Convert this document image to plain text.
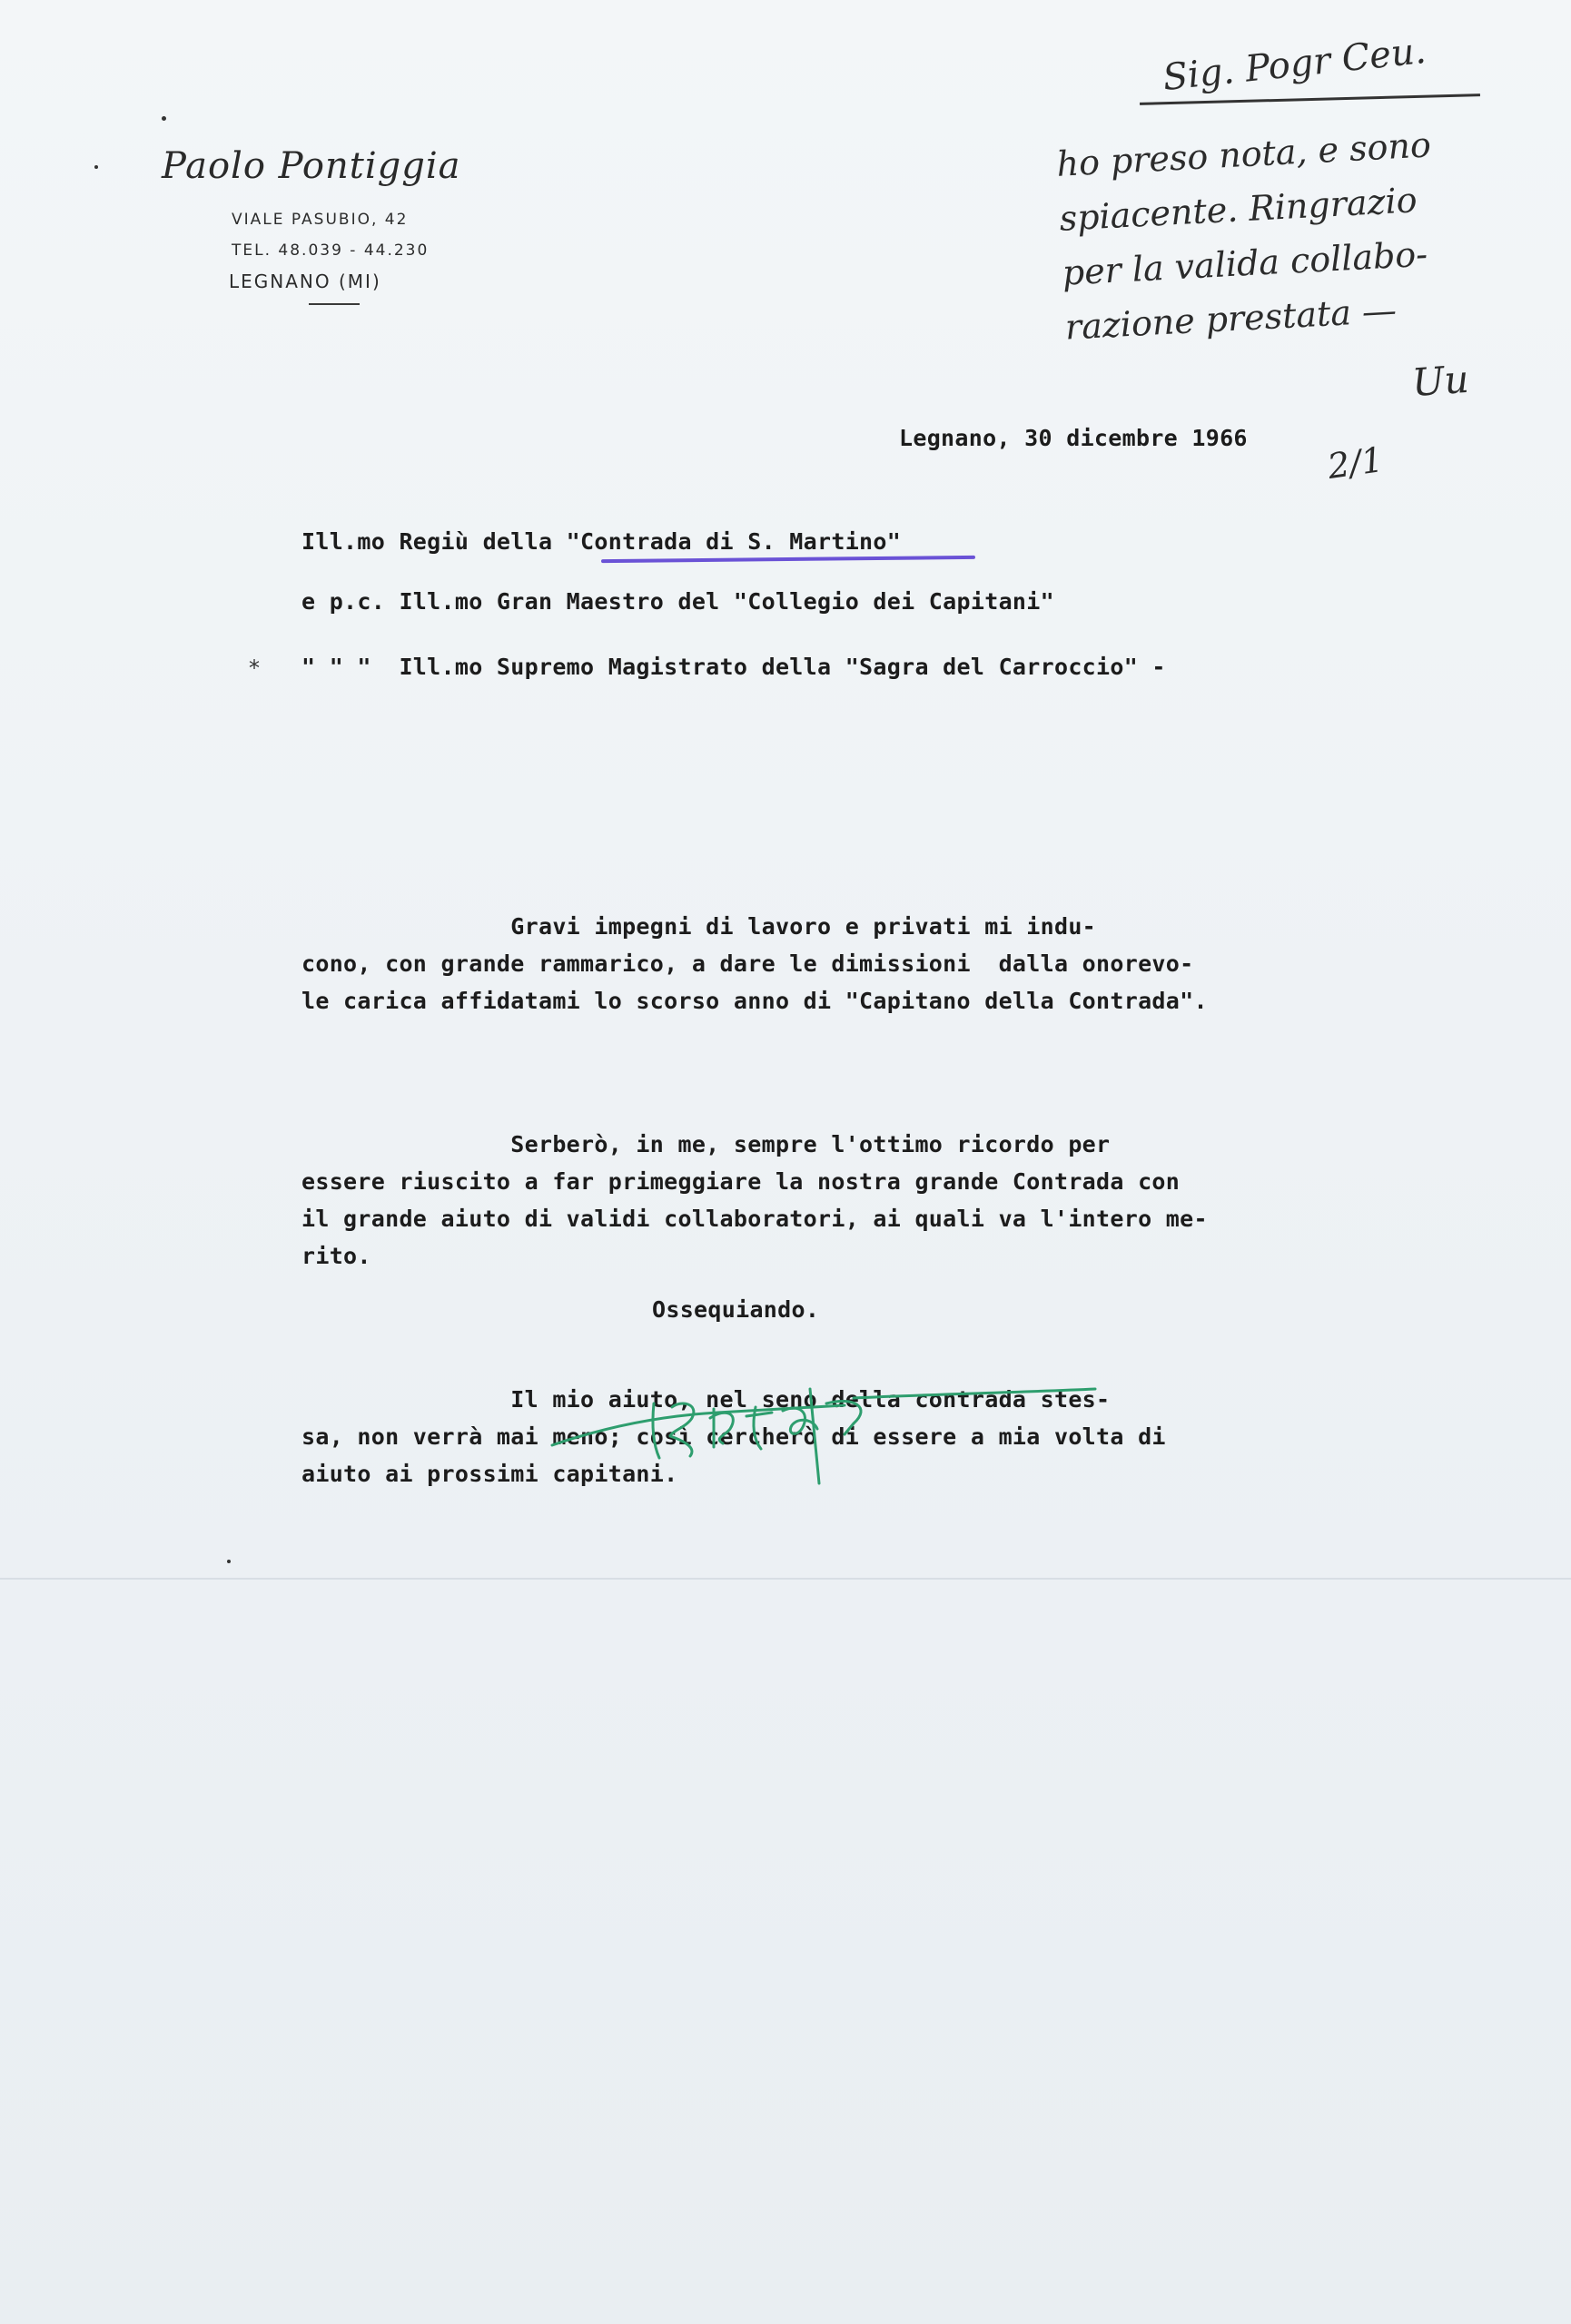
Paolo Pontiggia
VIALE PASUBIO, 42
TEL. 48.039 - 44.230
LEGNANO (MI)
Sig. Pogr Ceu.
ho preso nota, e sono
spiacente. Ringrazio
per la valida collabo-
razione prestata —
Uu
2/1
Legnano, 30 dicembre 1966
Ill.mo Regiù della "Contrada di S. Martino"
e p.c. Ill.mo Gran Maestro del "Collegio dei Capitani"
* " " "  Ill.mo Supremo Magistrato della "Sagra del Carroccio" -

Gravi impegni di lavoro e privati mi indu-
cono, con grande rammarico, a dare le dimissioni  dalla onorevo-
le carica affidatami lo scorso anno di "Capitano della Contrada".

Serberò, in me, sempre l'ottimo ricordo per
essere riuscito a far primeggiare la nostra grande Contrada con
il grande aiuto di validi collaboratori, ai quali va l'intero me-
rito.

Il mio aiuto, nel seno della contrada stes-
sa, non verrà mai meno; così cercherò di essere a mia volta di
aiuto ai prossimi capitani.

Ossequiando.
